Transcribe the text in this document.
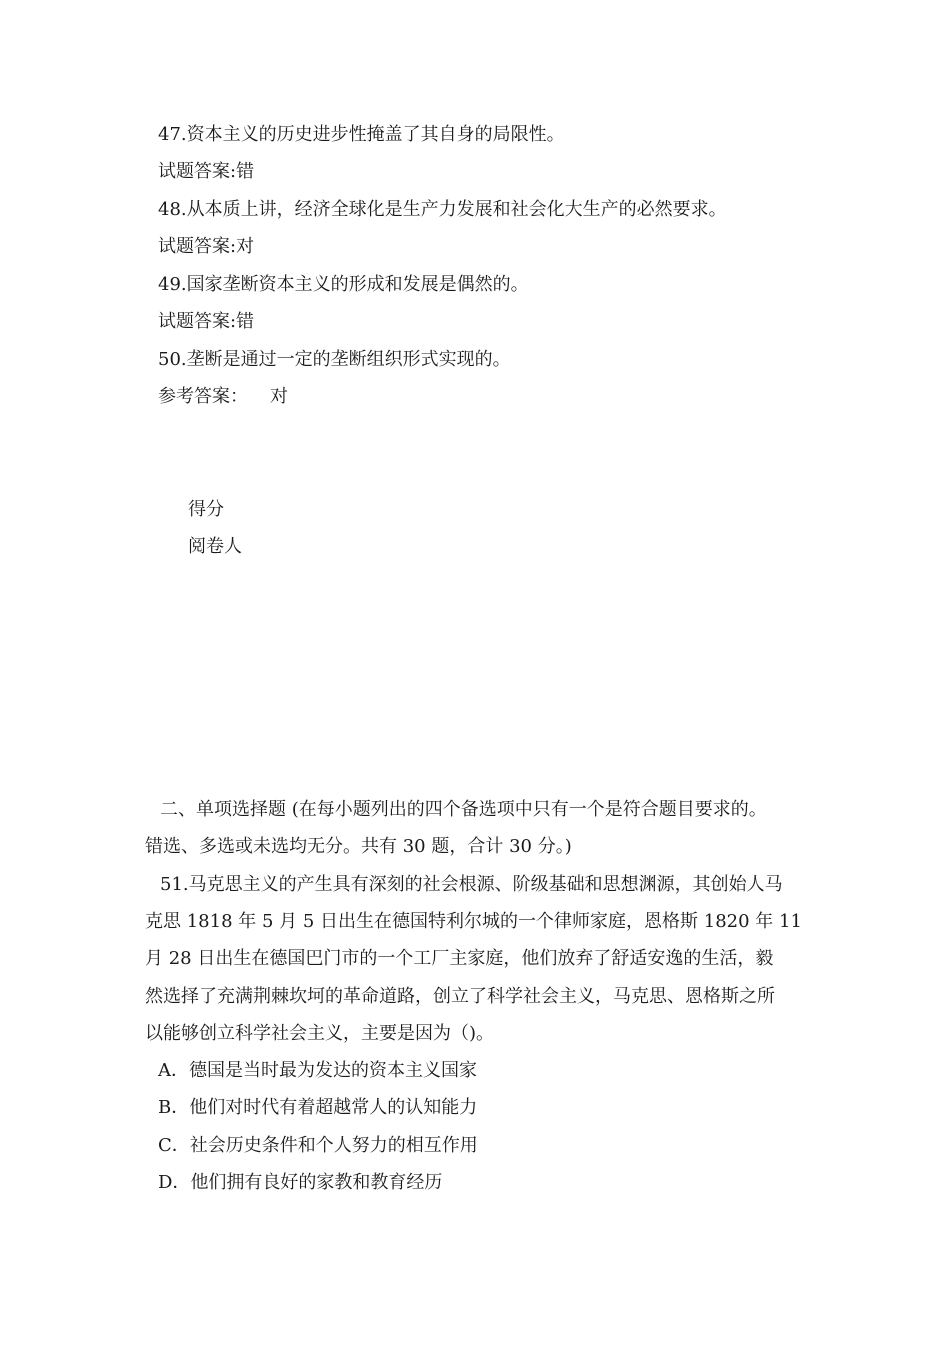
47.资本主义的历史进步性掩盖了其自身的局限性。
试题答案:错
48.从本质上讲，经济全球化是生产力发展和社会化大生产的必然要求。
试题答案:对
49.国家垄断资本主义的形成和发展是偶然的。
试题答案:错
50.垄断是通过一定的垄断组织形式实现的。
参考答案： 对
得分
阅卷人
二、单项选择题 (在每小题列出的四个备选项中只有一个是符合题目要求的。
错选、多选或未选均无分。共有 30 题，合计 30 分。)
51.马克思主义的产生具有深刻的社会根源、阶级基础和思想渊源，其创始人马
克思 1818 年 5 月 5 日出生在德国特利尔城的一个律师家庭，恩格斯 1820 年 11
月 28 日出生在德国巴门市的一个工厂主家庭，他们放弃了舒适安逸的生活，毅
然选择了充满荆棘坎坷的革命道路，创立了科学社会主义，马克思、恩格斯之所
以能够创立科学社会主义，主要是因为（)。
A．德国是当时最为发达的资本主义国家
B．他们对时代有着超越常人的认知能力
C．社会历史条件和个人努力的相互作用
D．他们拥有良好的家教和教育经历
